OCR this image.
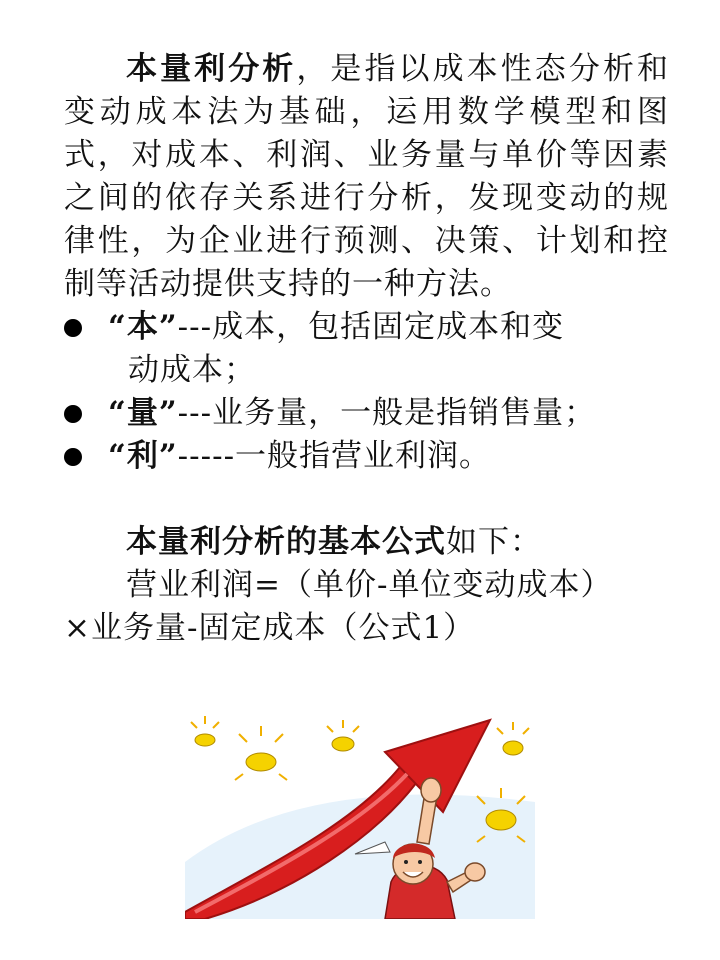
本量利分析，是指以成本性态分析和变动成本法为基础，运用数学模型和图式，对成本、利润、业务量与单价等因素之间的依存关系进行分析，发现变动的规律性，为企业进行预测、决策、计划和控制等活动提供支持的一种方法。

“本”---成本，包括固定成本和变
动成本；
“量”---业务量，一般是指销售量；
“利”-----一般指营业利润。

本量利分析的基本公式如下：

营业利润=（单价-单位变动成本）

×业务量-固定成本（公式1）
